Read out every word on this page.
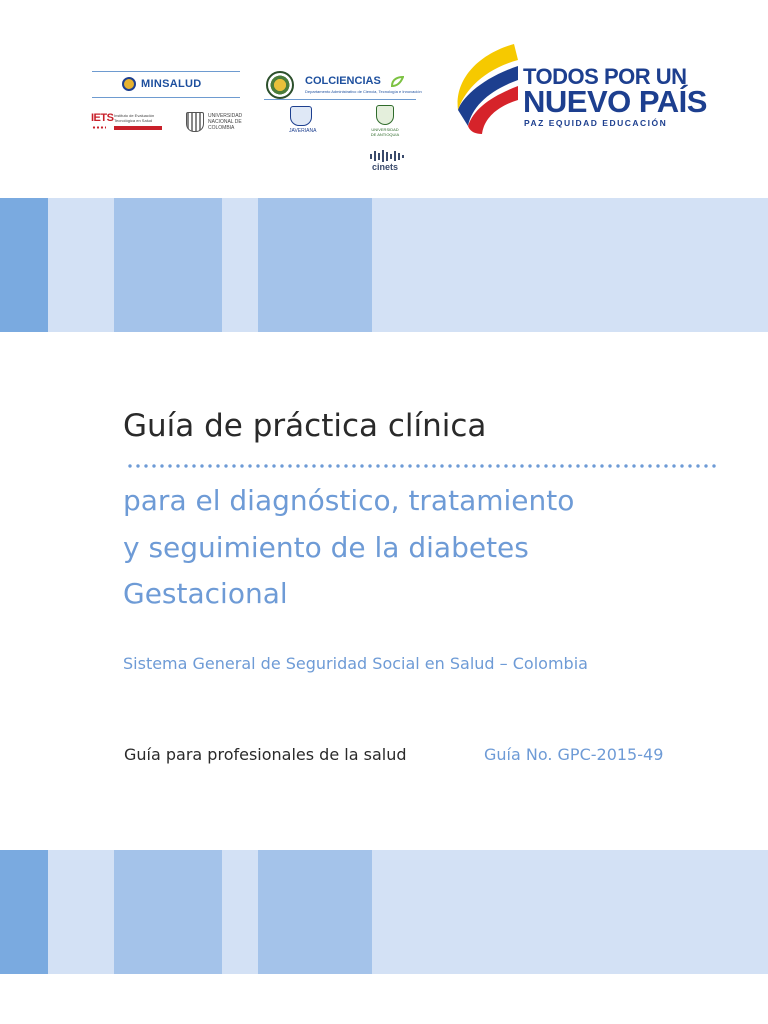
MINSALUD	COLCIENCIAS
Departamento Administrativo de Ciencia, Tecnología e Innovación
IETS Instituto de Evaluación Tecnológica en Salud
UNIVERSIDAD NACIONAL DE COLOMBIA	JAVERIANA	UNIVERSIDAD DE ANTIOQUIA
cinets
TODOS POR UN
NUEVO PAÍS
PAZ EQUIDAD EDUCACIÓN
Guía de práctica clínica
para el diagnóstico, tratamiento
y seguimiento de la diabetes
Gestacional
Sistema General de Seguridad Social en Salud – Colombia
Guía para profesionales de la salud	Guía No. GPC-2015-49
